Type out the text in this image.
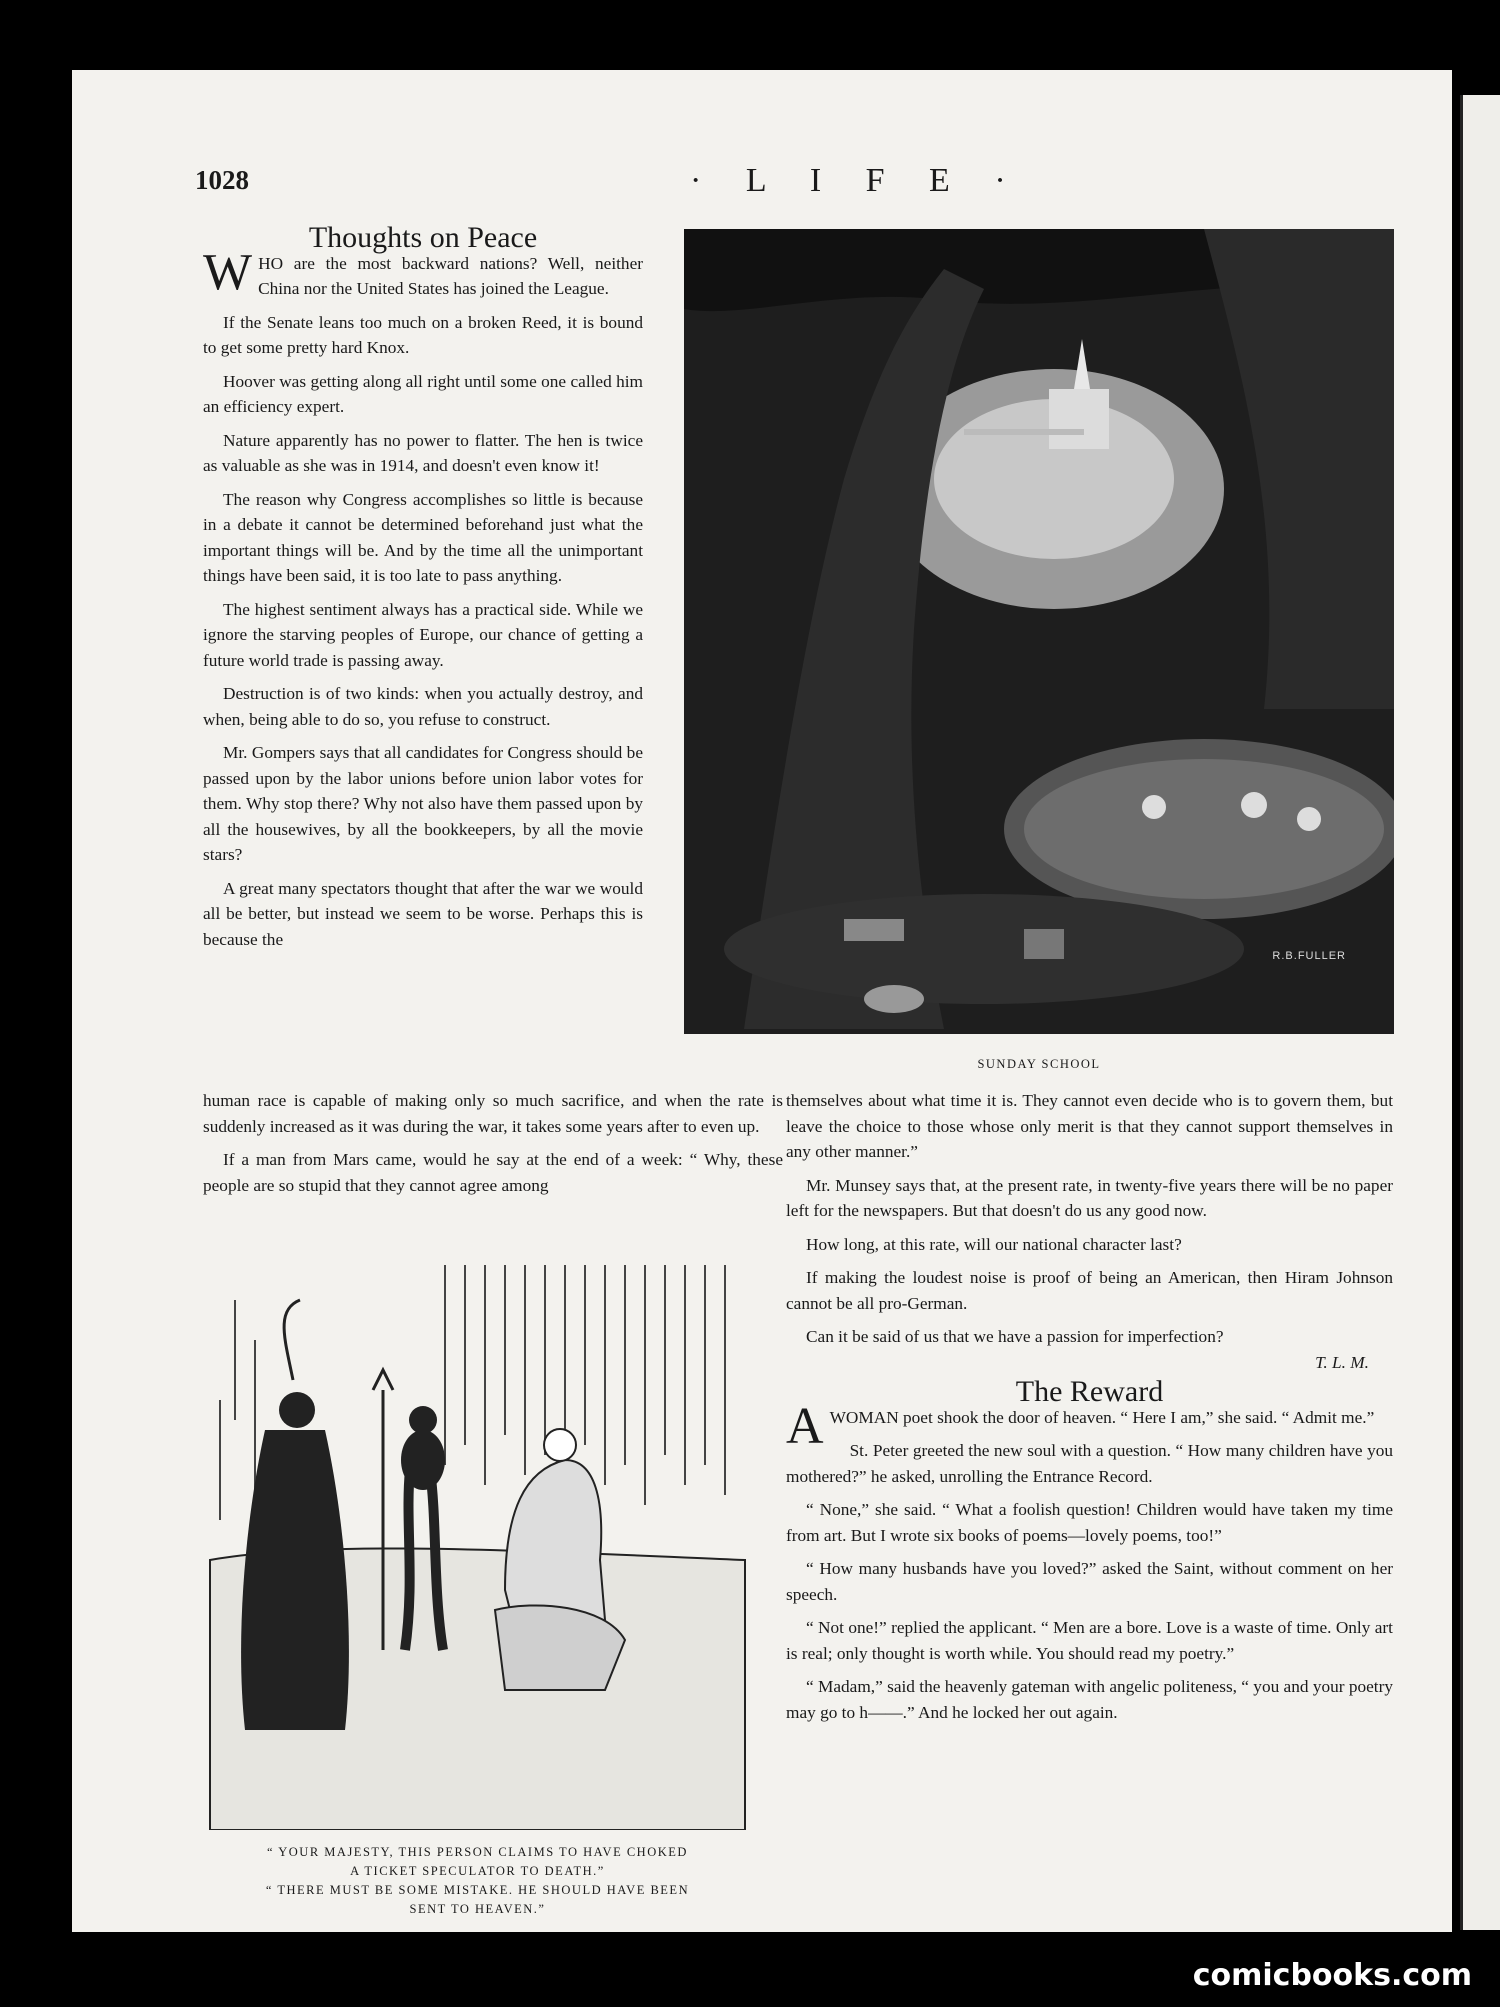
1028	· L I F E ·
Thoughts on Peace

WHO are the most backward nations? Well, neither China nor the United States has joined the League.

If the Senate leans too much on a broken Reed, it is bound to get some pretty hard Knox.

Hoover was getting along all right until some one called him an efficiency expert.

Nature apparently has no power to flatter. The hen is twice as valuable as she was in 1914, and doesn't even know it!

The reason why Congress accomplishes so little is because in a debate it cannot be determined beforehand just what the important things will be. And by the time all the unimportant things have been said, it is too late to pass anything.

The highest sentiment always has a practical side. While we ignore the starving peoples of Europe, our chance of getting a future world trade is passing away.

Destruction is of two kinds: when you actually destroy, and when, being able to do so, you refuse to construct.

Mr. Gompers says that all candidates for Congress should be passed upon by the labor unions before union labor votes for them. Why stop there? Why not also have them passed upon by all the housewives, by all the bookkeepers, by all the movie stars?

A great many spectators thought that after the war we would all be better, but instead we seem to be worse. Perhaps this is because the

human race is capable of making only so much sacrifice, and when the rate is suddenly increased as it was during the war, it takes some years after to even up.

If a man from Mars came, would he say at the end of a week: “ Why, these people are so stupid that they cannot agree among

R.B.FULLER
SUNDAY SCHOOL

themselves about what time it is. They cannot even decide who is to govern them, but leave the choice to those whose only merit is that they cannot support themselves in any other manner.”

Mr. Munsey says that, at the present rate, in twenty-five years there will be no paper left for the newspapers. But that doesn't do us any good now.

How long, at this rate, will our national character last?

If making the loudest noise is proof of being an American, then Hiram Johnson cannot be all pro-German.

Can it be said of us that we have a passion for imperfection?

T. L. M.
The Reward

AWOMAN poet shook the door of heaven. “ Here I am,” she said. “ Admit me.”

St. Peter greeted the new soul with a question. “ How many children have you mothered?” he asked, unrolling the Entrance Record.

“ None,” she said. “ What a foolish question! Children would have taken my time from art. But I wrote six books of poems—lovely poems, too!”

“ How many husbands have you loved?” asked the Saint, without comment on her speech.

“ Not one!” replied the applicant. “ Men are a bore. Love is a waste of time. Only art is real; only thought is worth while. You should read my poetry.”

“ Madam,” said the heavenly gateman with angelic politeness, “ you and your poetry may go to h——.” And he locked her out again.

“ YOUR MAJESTY, THIS PERSON CLAIMS TO HAVE CHOKED
A TICKET SPECULATOR TO DEATH.”
“ THERE MUST BE SOME MISTAKE. HE SHOULD HAVE BEEN
SENT TO HEAVEN.”
comicbooks.com
